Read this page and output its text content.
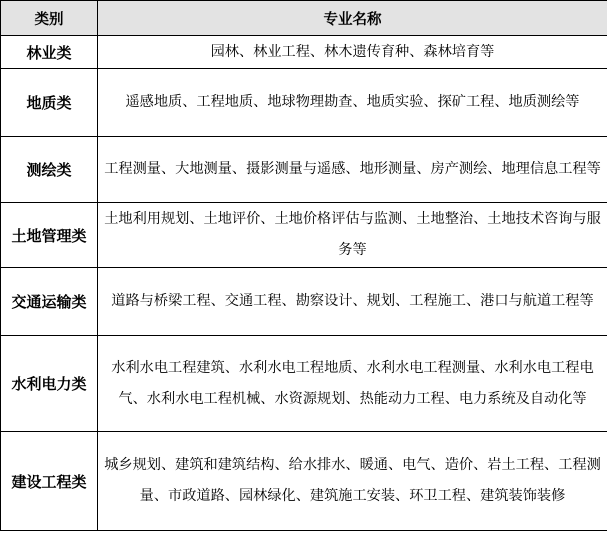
类别	专业名称
林业类	园林、林业工程、林木遗传育种、森林培育等
地质类	遥感地质、工程地质、地球物理勘查、地质实验、探矿工程、地质测绘等
测绘类	工程测量、大地测量、摄影测量与遥感、地形测量、房产测绘、地理信息工程等
土地管理类	土地利用规划、土地评价、土地价格评估与监测、土地整治、土地技术咨询与服务等
交通运输类	道路与桥梁工程、交通工程、勘察设计、规划、工程施工、港口与航道工程等
水利电力类	水利水电工程建筑、水利水电工程地质、水利水电工程测量、水利水电工程电气、水利水电工程机械、水资源规划、热能动力工程、电力系统及自动化等
建设工程类	城乡规划、建筑和建筑结构、给水排水、暖通、电气、造价、岩土工程、工程测量、市政道路、园林绿化、建筑施工安装、环卫工程、建筑装饰装修
